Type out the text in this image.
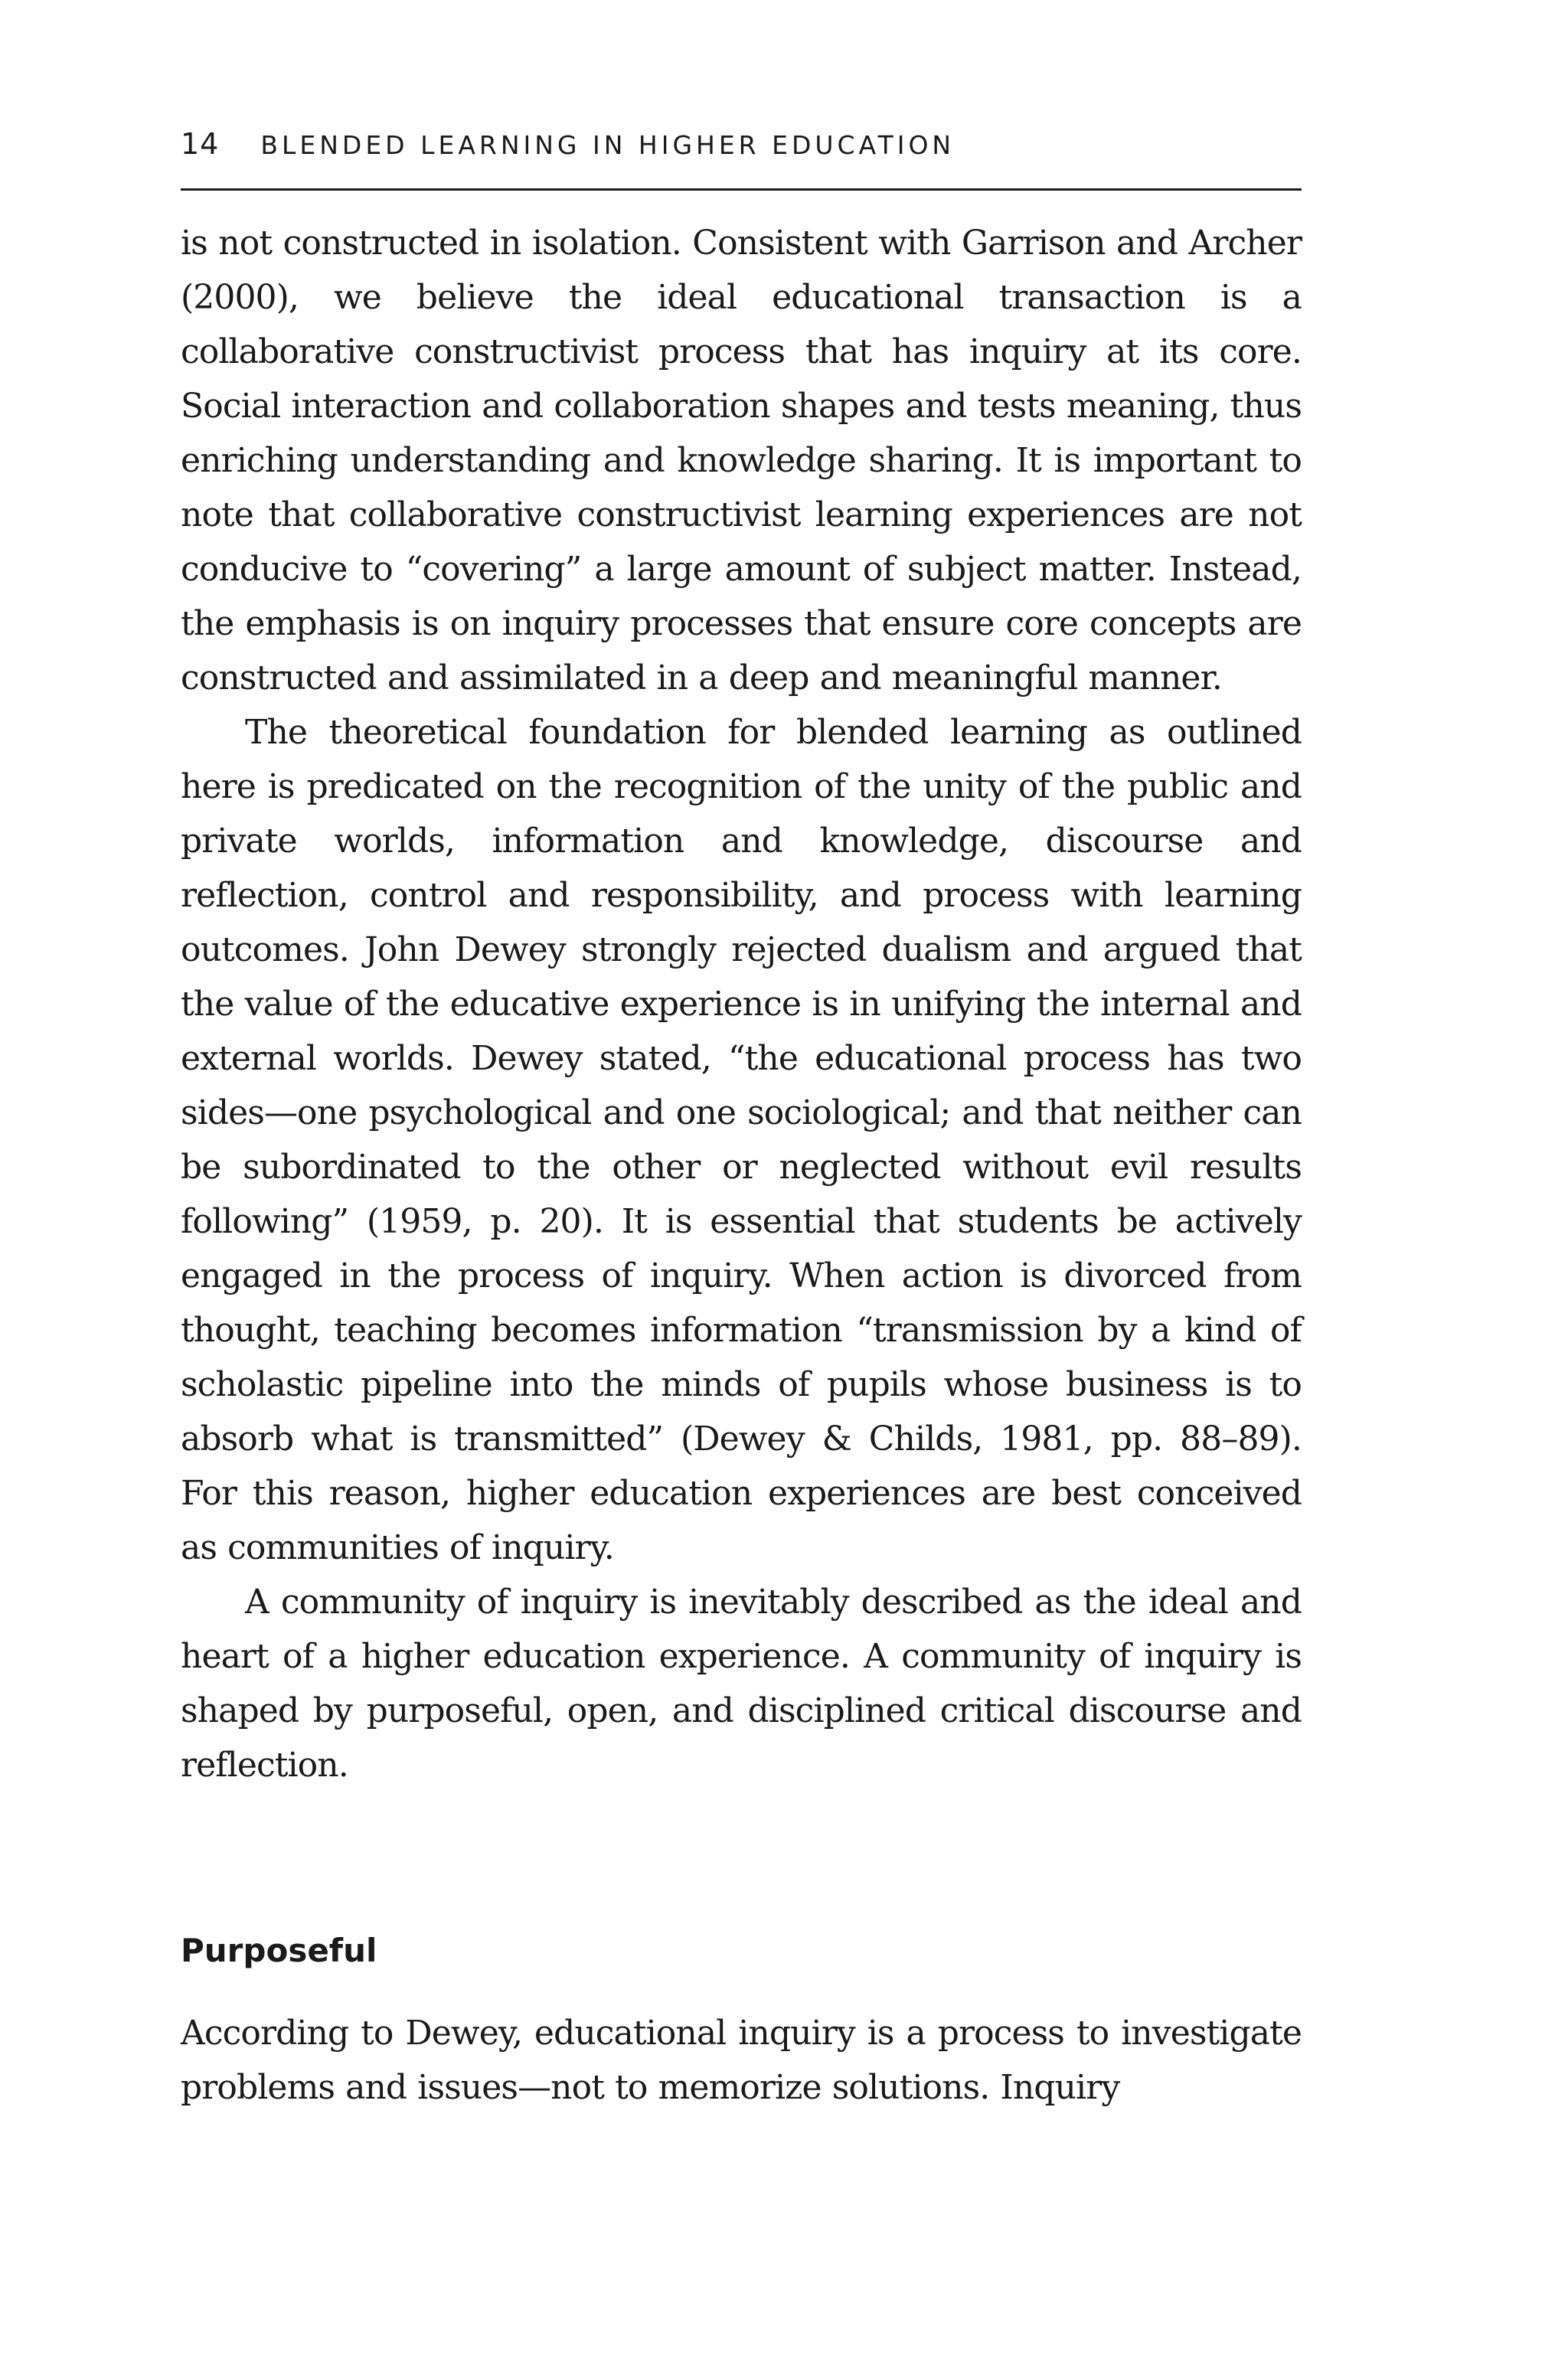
14 BLENDED LEARNING IN HIGHER EDUCATION

is not constructed in isolation. Consistent with Garrison and Archer (2000), we believe the ideal educational transaction is a collaborative constructivist process that has inquiry at its core. Social interaction and collaboration shapes and tests meaning, thus enriching understanding and knowledge sharing. It is important to note that collaborative constructivist learning experiences are not conducive to “covering” a large amount of subject matter. Instead, the emphasis is on inquiry processes that ensure core concepts are constructed and assimilated in a deep and meaningful manner.

The theoretical foundation for blended learning as outlined here is predicated on the recognition of the unity of the public and private worlds, information and knowledge, discourse and reflection, control and responsibility, and process with learning outcomes. John Dewey strongly rejected dualism and argued that the value of the educative experience is in unifying the internal and external worlds. Dewey stated, “the educational process has two sides—one psychological and one sociological; and that neither can be subordinated to the other or neglected without evil results following” (1959, p. 20). It is essential that students be actively engaged in the process of inquiry. When action is divorced from thought, teaching becomes information “transmission by a kind of scholastic pipeline into the minds of pupils whose business is to absorb what is transmitted” (Dewey & Childs, 1981, pp. 88–89). For this reason, higher education experiences are best conceived as communities of inquiry.

A community of inquiry is inevitably described as the ideal and heart of a higher education experience. A community of inquiry is shaped by purposeful, open, and disciplined critical discourse and reflection.

Purposeful

According to Dewey, educational inquiry is a process to investigate problems and issues—not to memorize solutions. Inquiry
